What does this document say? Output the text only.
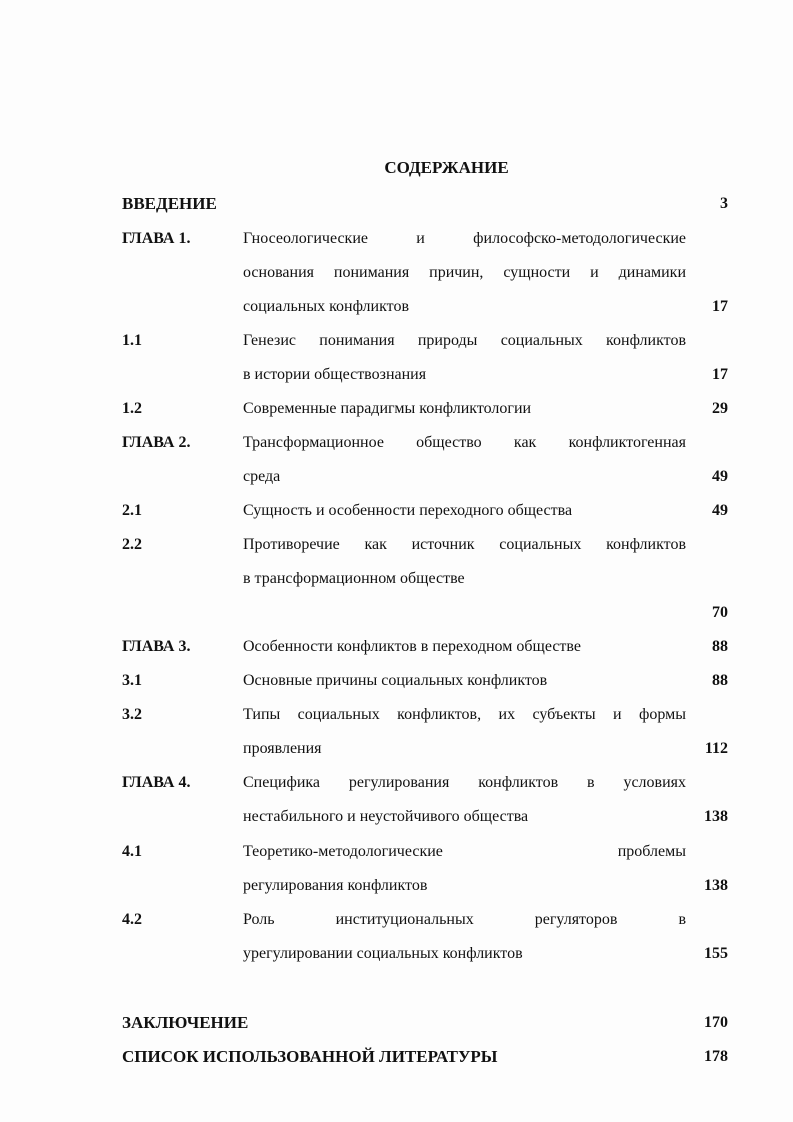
СОДЕРЖАНИЕ
ВВЕДЕНИЕ	3
ГЛАВА 1.	Гносеологические и философско-методологические
основания понимания причин, сущности и динамики
социальных конфликтов	17
1.1	Генезис понимания природы социальных конфликтов
в истории обществознания	17
1.2	Современные парадигмы конфликтологии	29
ГЛАВА 2.	Трансформационное общество как конфликтогенная
среда	49
2.1	Сущность и особенности переходного общества	49
2.2	Противоречие как источник социальных конфликтов
в трансформационном обществе
70
ГЛАВА 3.	Особенности конфликтов в переходном обществе	88
3.1	Основные причины социальных конфликтов	88
3.2	Типы социальных конфликтов, их субъекты и формы
проявления	112
ГЛАВА 4.	Специфика регулирования конфликтов в условиях
нестабильного и неустойчивого общества	138
4.1	Теоретико-методологические проблемы
регулирования конфликтов	138
4.2	Роль институциональных регуляторов в
урегулировании социальных конфликтов	155
ЗАКЛЮЧЕНИЕ	170
СПИСОК ИСПОЛЬЗОВАННОЙ ЛИТЕРАТУРЫ	178
